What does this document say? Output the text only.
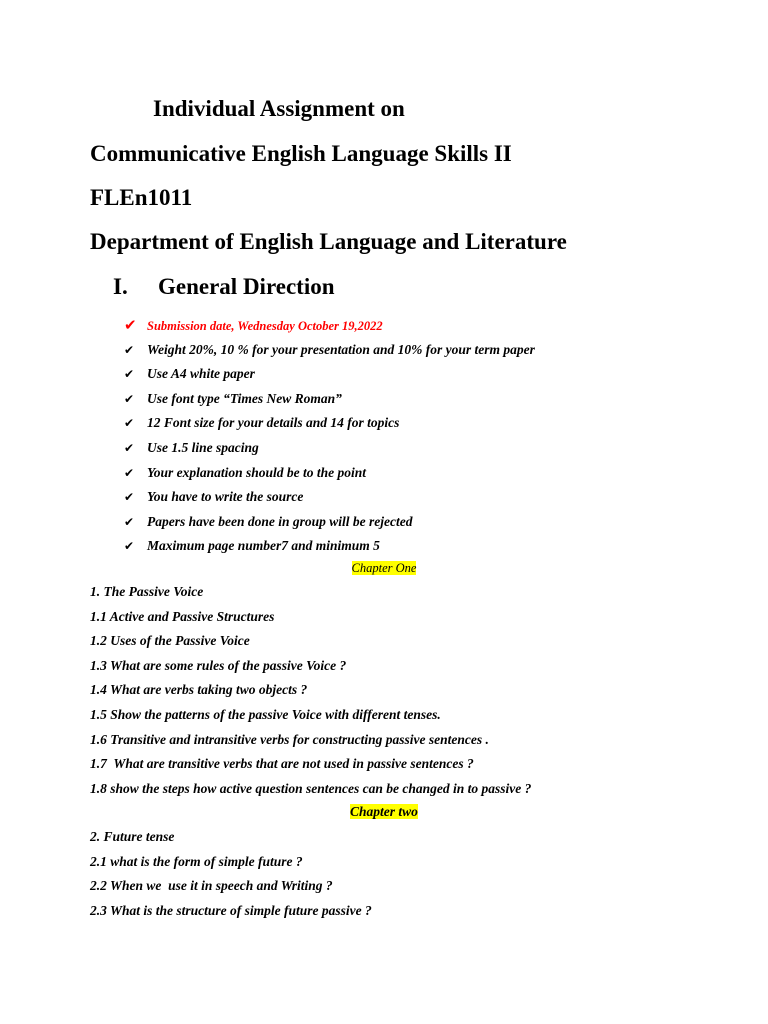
Individual Assignment on
Communicative English Language Skills II
FLEn1011
Department of English Language and Literature
I. General Direction
✔ Submission date, Wednesday October 19,2022
✔ Weight 20%, 10 % for your presentation and 10% for your term paper
✔ Use A4 white paper
✔ Use font type “Times New Roman”
✔ 12 Font size for your details and 14 for topics
✔ Use 1.5 line spacing
✔ Your explanation should be to the point
✔ You have to write the source
✔ Papers have been done in group will be rejected
✔ Maximum page number7 and minimum 5
Chapter One
1. The Passive Voice
1.1 Active and Passive Structures
1.2 Uses of the Passive Voice
1.3 What are some rules of the passive Voice ?
1.4 What are verbs taking two objects ?
1.5 Show the patterns of the passive Voice with different tenses.
1.6 Transitive and intransitive verbs for constructing passive sentences .
1.7  What are transitive verbs that are not used in passive sentences ?
1.8 show the steps how active question sentences can be changed in to passive ?
Chapter two
2. Future tense
2.1 what is the form of simple future ?
2.2 When we  use it in speech and Writing ?
2.3 What is the structure of simple future passive ?
